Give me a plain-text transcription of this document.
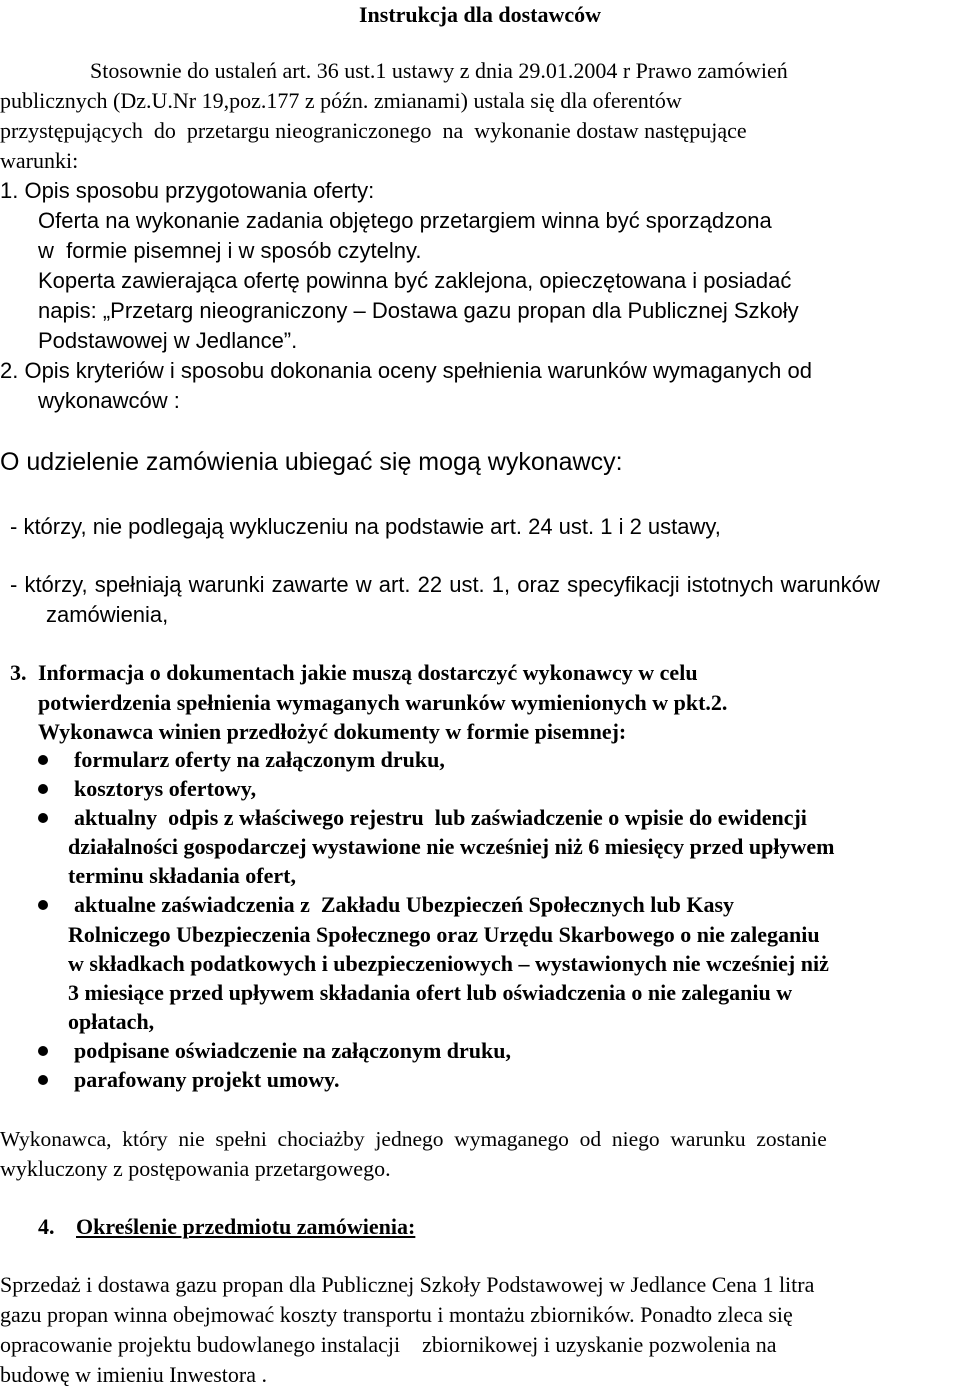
Instrukcja dla dostawców

Stosownie do ustaleń art. 36 ust.1 ustawy z dnia 29.01.2004 r Prawo zamówień

publicznych (Dz.U.Nr 19,poz.177 z późn. zmianami) ustala się dla oferentów

przystępujących  do  przetargu nieograniczonego  na  wykonanie dostaw następujące

warunki:

1. Opis sposobu przygotowania oferty:

Oferta na wykonanie zadania objętego przetargiem winna być sporządzona

w  formie pisemnej i w sposób czytelny.

Koperta zawierająca ofertę powinna być zaklejona, opieczętowana i posiadać

napis: „Przetarg nieograniczony – Dostawa gazu propan dla Publicznej Szkoły

Podstawowej w Jedlance”.

2. Opis kryteriów i sposobu dokonania oceny spełnienia warunków wymaganych od

wykonawców :

O udzielenie zamówienia ubiegać się mogą wykonawcy:

- którzy, nie podlegają wykluczeniu na podstawie art. 24 ust. 1 i 2 ustawy,

- którzy, spełniają warunki zawarte w art. 22 ust. 1, oraz specyfikacji istotnych warunków

zamówienia,

3. Informacja o dokumentach jakie muszą dostarczyć wykonawcy w celu

potwierdzenia spełnienia wymaganych warunków wymienionych w pkt.2.

Wykonawca winien przedłożyć dokumenty w formie pisemnej:

formularz oferty na załączonym druku,

kosztorys ofertowy,

aktualny  odpis z właściwego rejestru  lub zaświadczenie o wpisie do ewidencji

działalności gospodarczej wystawione nie wcześniej niż 6 miesięcy przed upływem

terminu składania ofert,

aktualne zaświadczenia z  Zakładu Ubezpieczeń Społecznych lub Kasy

Rolniczego Ubezpieczenia Społecznego oraz Urzędu Skarbowego o nie zaleganiu

w składkach podatkowych i ubezpieczeniowych – wystawionych nie wcześniej niż

3 miesiące przed upływem składania ofert lub oświadczenia o nie zaleganiu w

opłatach,

podpisane oświadczenie na załączonym druku,

parafowany projekt umowy.

Wykonawca,  który  nie  spełni  chociażby  jednego  wymaganego  od  niego  warunku  zostanie

wykluczony z postępowania przetargowego.

4. Określenie przedmiotu zamówienia:

Sprzedaż i dostawa gazu propan dla Publicznej Szkoły Podstawowej w Jedlance Cena 1 litra

gazu propan winna obejmować koszty transportu i montażu zbiorników. Ponadto zleca się

opracowanie projektu budowlanego instalacji    zbiornikowej i uzyskanie pozwolenia na

budowę w imieniu Inwestora .
